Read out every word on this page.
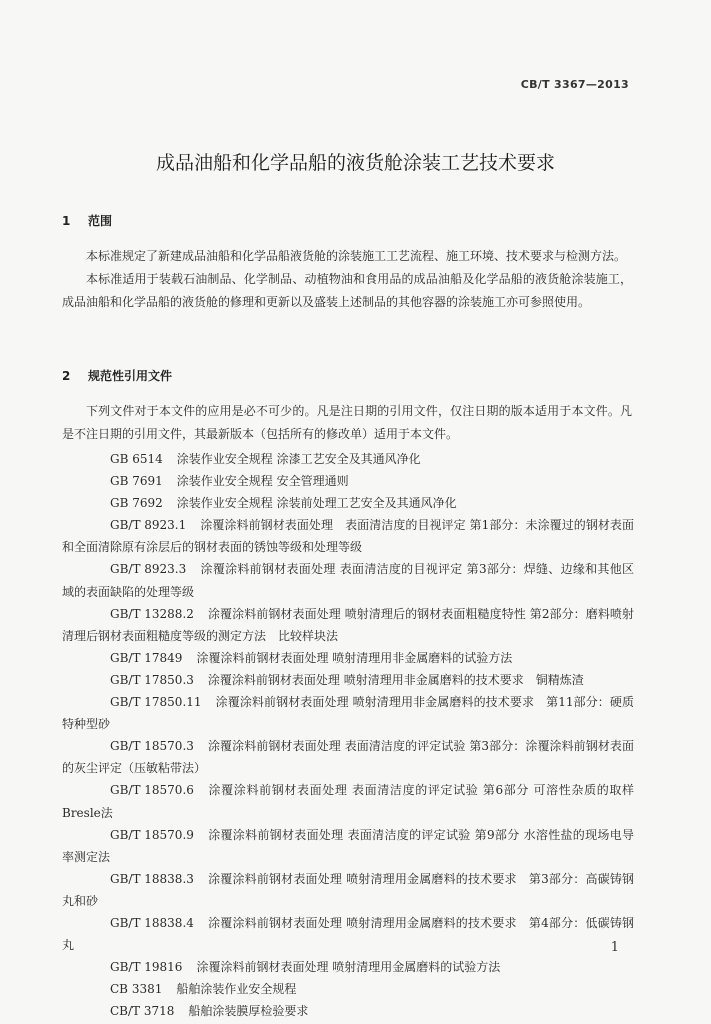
CB/T 3367—2013
成品油船和化学品船的液货舱涂装工艺技术要求
1 范围

本标准规定了新建成品油船和化学品船液货舱的涂装施工工艺流程、施工环境、技术要求与检测方法。

本标准适用于装载石油制品、化学制品、动植物油和食用品的成品油船及化学品船的液货舱涂装施工，成品油船和化学品船的液货舱的修理和更新以及盛装上述制品的其他容器的涂装施工亦可参照使用。

2 规范性引用文件

下列文件对于本文件的应用是必不可少的。凡是注日期的引用文件，仅注日期的版本适用于本文件。凡是不注日期的引用文件，其最新版本（包括所有的修改单）适用于本文件。

GB 6514 涂装作业安全规程 涂漆工艺安全及其通风净化

GB 7691 涂装作业安全规程 安全管理通则

GB 7692 涂装作业安全规程 涂装前处理工艺安全及其通风净化

GB/T 8923.1 涂覆涂料前钢材表面处理　表面清洁度的目视评定 第1部分：未涂覆过的钢材表面和全面清除原有涂层后的钢材表面的锈蚀等级和处理等级

GB/T 8923.3 涂覆涂料前钢材表面处理 表面清洁度的目视评定 第3部分：焊缝、边缘和其他区域的表面缺陷的处理等级

GB/T 13288.2 涂覆涂料前钢材表面处理 喷射清理后的钢材表面粗糙度特性 第2部分：磨料喷射清理后钢材表面粗糙度等级的测定方法　比较样块法

GB/T 17849 涂覆涂料前钢材表面处理 喷射清理用非金属磨料的试验方法

GB/T 17850.3 涂覆涂料前钢材表面处理 喷射清理用非金属磨料的技术要求　铜精炼渣

GB/T 17850.11 涂覆涂料前钢材表面处理 喷射清理用非金属磨料的技术要求　第11部分：硬质特种型砂

GB/T 18570.3 涂覆涂料前钢材表面处理 表面清洁度的评定试验 第3部分：涂覆涂料前钢材表面的灰尘评定（压敏粘带法）

GB/T 18570.6 涂覆涂料前钢材表面处理 表面清洁度的评定试验 第6部分 可溶性杂质的取样Bresle法

GB/T 18570.9 涂覆涂料前钢材表面处理 表面清洁度的评定试验 第9部分 水溶性盐的现场电导率测定法

GB/T 18838.3 涂覆涂料前钢材表面处理 喷射清理用金属磨料的技术要求　第3部分：高碳铸钢丸和砂

GB/T 18838.4 涂覆涂料前钢材表面处理 喷射清理用金属磨料的技术要求　第4部分：低碳铸钢丸

GB/T 19816 涂覆涂料前钢材表面处理 喷射清理用金属磨料的试验方法

CB 3381 船舶涂装作业安全规程

CB/T 3718 船舶涂装膜厚检验要求

1
